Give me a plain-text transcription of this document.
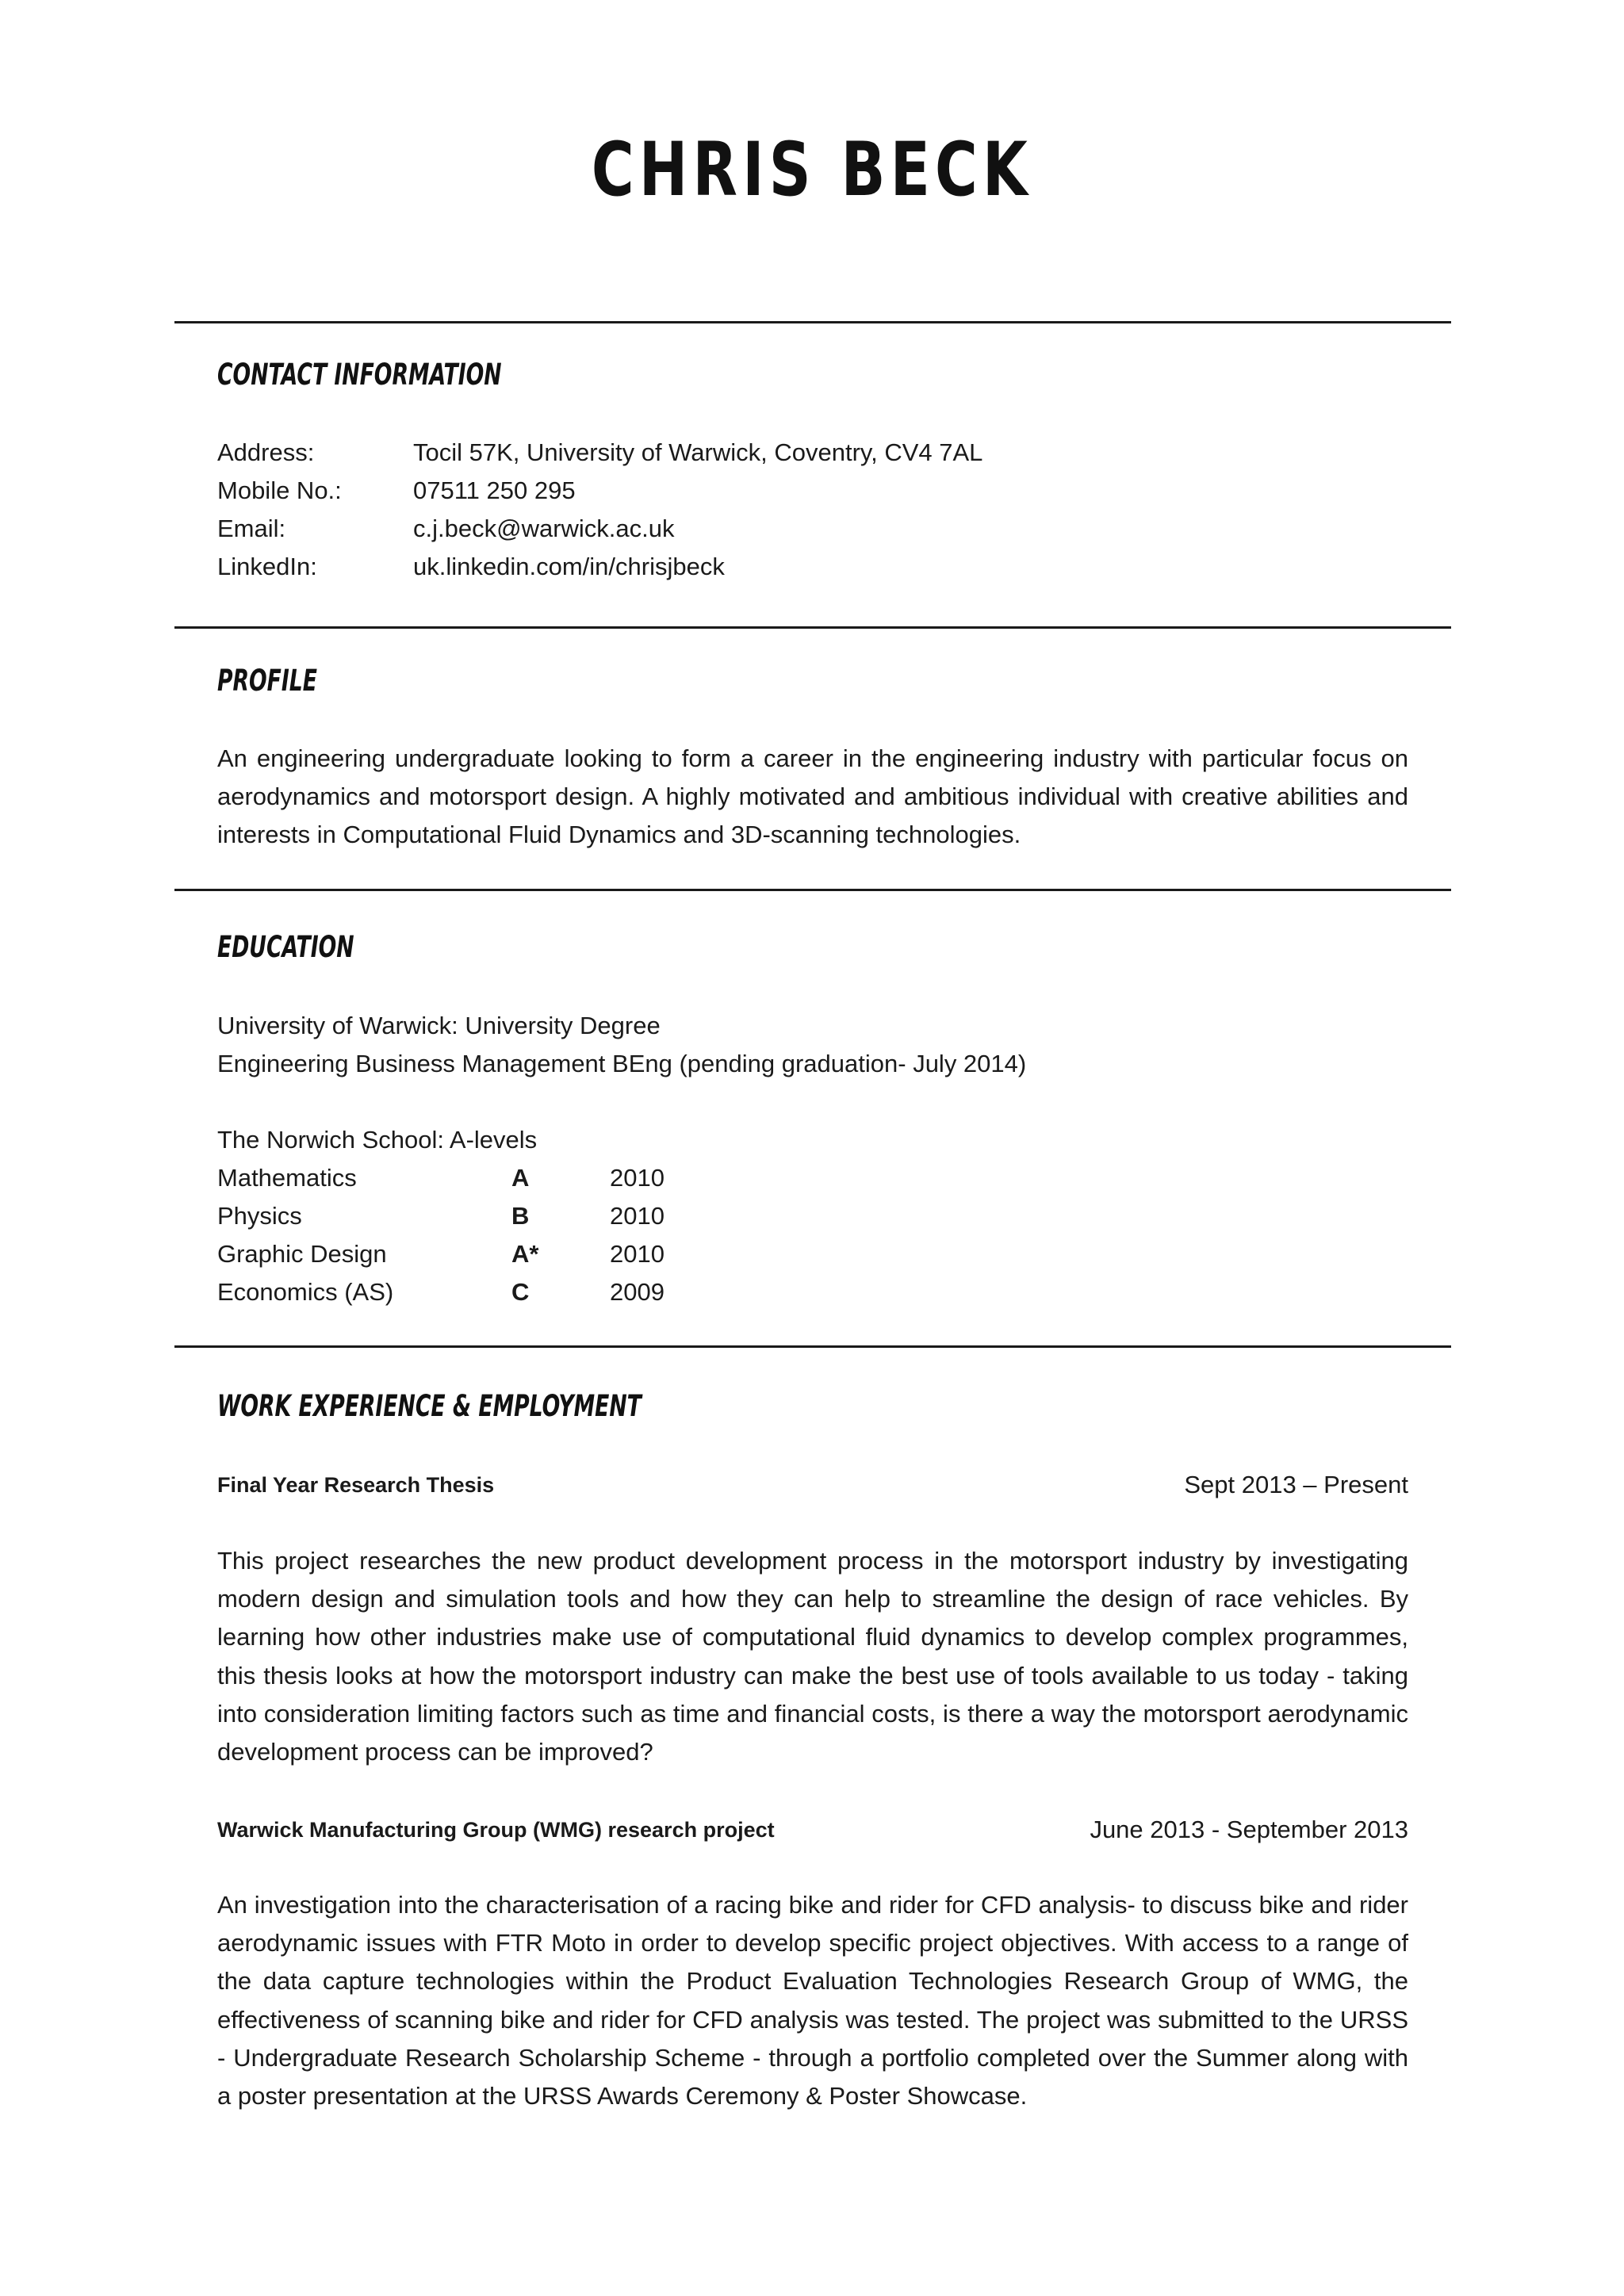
CHRIS BECK
CONTACT INFORMATION
Address:	Tocil 57K, University of Warwick, Coventry, CV4 7AL
Mobile No.:	07511 250 295
Email:	c.j.beck@warwick.ac.uk
LinkedIn:	uk.linkedin.com/in/chrisjbeck
PROFILE
An engineering undergraduate looking to form a career in the engineering industry with particular focus on aerodynamics and motorsport design. A highly motivated and ambitious individual with creative abilities and interests in Computational Fluid Dynamics and 3D-scanning technologies.
EDUCATION
University of Warwick: University Degree
Engineering Business Management BEng (pending graduation- July 2014)
The Norwich School: A-levels
Mathematics	A	2010
Physics	B	2010
Graphic Design	A*	2010
Economics (AS)	C	2009
WORK EXPERIENCE & EMPLOYMENT
Final Year Research Thesis	Sept 2013 – Present
This project researches the new product development process in the motorsport industry by investigating modern design and simulation tools and how they can help to streamline the design of race vehicles. By learning how other industries make use of computational fluid dynamics to develop complex programmes, this thesis looks at how the motorsport industry can make the best use of tools available to us today - taking into consideration limiting factors such as time and financial costs, is there a way the motorsport aerodynamic development process can be improved?
Warwick Manufacturing Group (WMG) research project	June 2013 - September 2013
An investigation into the characterisation of a racing bike and rider for CFD analysis- to discuss bike and rider aerodynamic issues with FTR Moto in order to develop specific project objectives. With access to a range of the data capture technologies within the Product Evaluation Technologies Research Group of WMG, the effectiveness of scanning bike and rider for CFD analysis was tested. The project was submitted to the URSS - Undergraduate Research Scholarship Scheme - through a portfolio completed over the Summer along with a poster presentation at the URSS Awards Ceremony & Poster Showcase.
